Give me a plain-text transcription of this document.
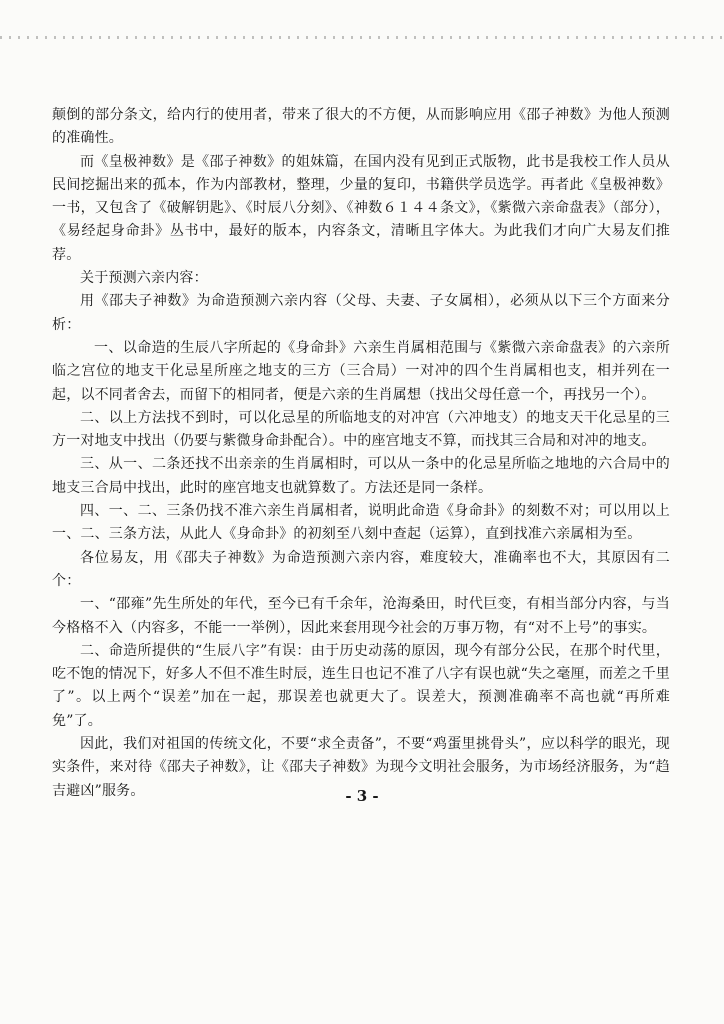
颠倒的部分条文，给内行的使用者，带来了很大的不方便，从而影响应用《邵子神数》为他人预测的准确性。

而《皇极神数》是《邵子神数》的姐妹篇，在国内没有见到正式版物，此书是我校工作人员从民间挖掘出来的孤本，作为内部教材，整理，少量的复印，书籍供学员选学。再者此《皇极神数》一书，又包含了《破解钥匙》、《时辰八分刻》、《神数６１４４条文》，《紫微六亲命盘表》（部分），《易经起身命卦》丛书中，最好的版本，内容条文，清晰且字体大。为此我们才向广大易友们推荐。

关于预测六亲内容：

用《邵夫子神数》为命造预测六亲内容（父母、夫妻、子女属相），必须从以下三个方面来分析：

一、以命造的生辰八字所起的《身命卦》六亲生肖属相范围与《紫微六亲命盘表》的六亲所临之宫位的地支干化忌星所座之地支的三方（三合局）一对冲的四个生肖属相也支，相并列在一起，以不同者舍去，而留下的相同者，便是六亲的生肖属想（找出父母任意一个，再找另一个）。

二、以上方法找不到时，可以化忌星的所临地支的对冲宫（六冲地支）的地支天干化忌星的三方一对地支中找出（仍要与紫微身命卦配合）。中的座宫地支不算，而找其三合局和对冲的地支。

三、从一、二条还找不出亲亲的生肖属相时，可以从一条中的化忌星所临之地地的六合局中的地支三合局中找出，此时的座宫地支也就算数了。方法还是同一条样。

四、一、二、三条仍找不准六亲生肖属相者，说明此命造《身命卦》的刻数不对；可以用以上一、二、三条方法，从此人《身命卦》的初刻至八刻中查起（运算），直到找准六亲属相为至。

各位易友，用《邵夫子神数》为命造预测六亲内容，难度较大，准确率也不大，其原因有二个：

一、“邵雍”先生所处的年代，至今已有千余年，沧海桑田，时代巨变，有相当部分内容，与当今格格不入（内容多，不能一一举例），因此来套用现今社会的万事万物，有“对不上号”的事实。

二、命造所提供的“生辰八字”有误：由于历史动荡的原因，现今有部分公民，在那个时代里，吃不饱的情况下，好多人不但不准生时辰，连生日也记不准了八字有误也就“失之毫厘，而差之千里了”。以上两个“误差”加在一起，那误差也就更大了。误差大，预测准确率不高也就“再所难免”了。

因此，我们对祖国的传统文化，不要“求全责备”，不要“鸡蛋里挑骨头”，应以科学的眼光，现实条件，来对待《邵夫子神数》，让《邵夫子神数》为现今文明社会服务，为市场经济服务，为“趋吉避凶”服务。	- 3 -
